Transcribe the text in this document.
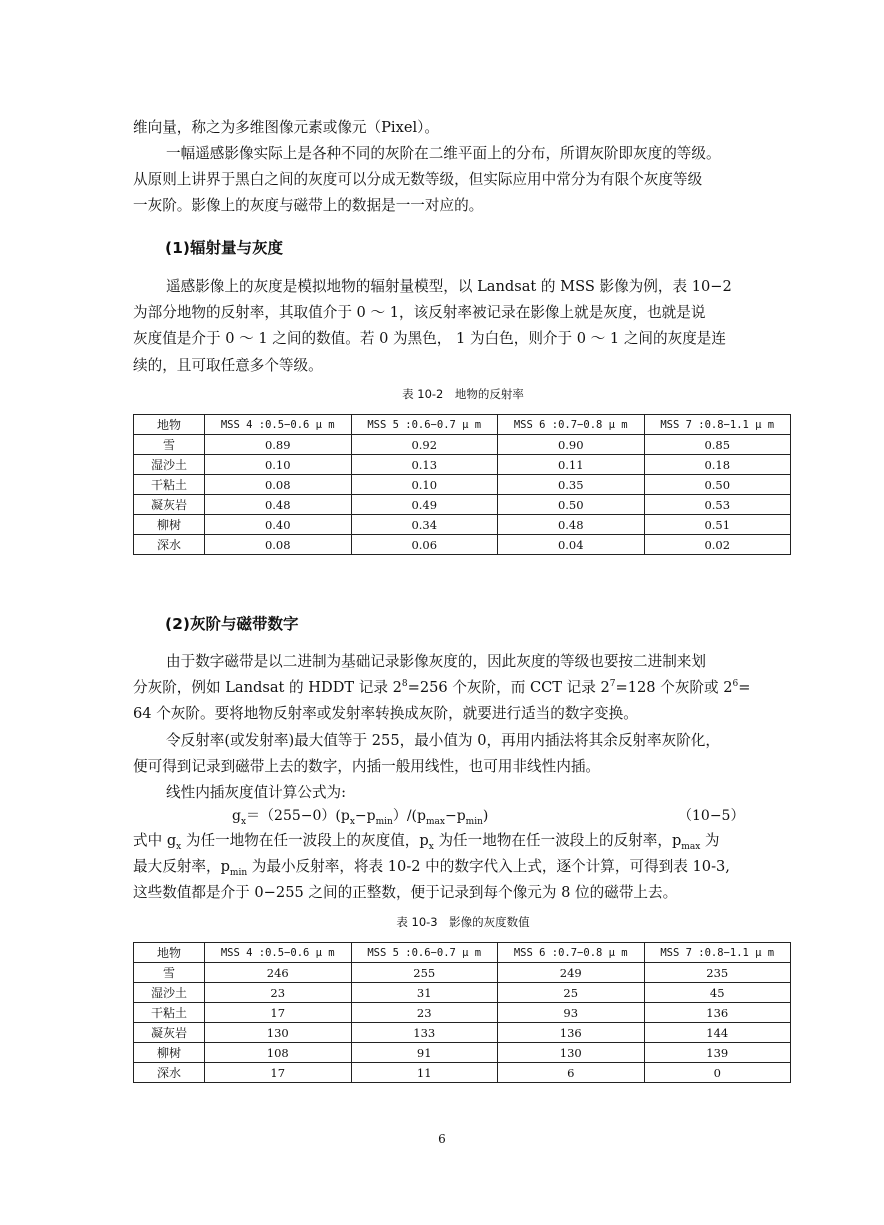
维向量，称之为多维图像元素或像元（Pixel）。

一幅遥感影像实际上是各种不同的灰阶在二维平面上的分布，所谓灰阶即灰度的等级。
从原则上讲界于黑白之间的灰度可以分成无数等级，但实际应用中常分为有限个灰度等级
一灰阶。影像上的灰度与磁带上的数据是一一对应的。

(1)辐射量与灰度

遥感影像上的灰度是模拟地物的辐射量模型，以 Landsat 的 MSS 影像为例，表 10−2
为部分地物的反射率，其取值介于 0 ～ 1，该反射率被记录在影像上就是灰度，也就是说
灰度值是介于 0 ～ 1 之间的数值。若 0 为黑色， 1 为白色，则介于 0 ～ 1 之间的灰度是连
续的，且可取任意多个等级。

表 10-2　地物的反射率

地物	MSS 4 :0.5−0.6 μ m	MSS 5 :0.6−0.7 μ m	MSS 6 :0.7−0.8 μ m	MSS 7 :0.8−1.1 μ m
雪	0.89	0.92	0.90	0.85
湿沙土	0.10	0.13	0.11	0.18
干粘土	0.08	0.10	0.35	0.50
凝灰岩	0.48	0.49	0.50	0.53
柳树	0.40	0.34	0.48	0.51
深水	0.08	0.06	0.04	0.02
(2)灰阶与磁带数字

由于数字磁带是以二进制为基础记录影像灰度的，因此灰度的等级也要按二进制来划
分灰阶，例如 Landsat 的 HDDT 记录 $2^8=256$ 个灰阶，而 CCT 记录 $2^7=128$ 个灰阶或 $2^6=$
64 个灰阶。要将地物反射率或发射率转换成灰阶，就要进行适当的数字变换。

令反射率(或发射率)最大值等于 255，最小值为 0，再用内插法将其余反射率灰阶化，
便可得到记录到磁带上去的数字，内插一般用线性，也可用非线性内插。

线性内插灰度值计算公式为:

$g_x=(255-0)(p_x-p_{min})/(p_{max}-p_{min})$	（10−5）

式中 $g_x$ 为任一地物在任一波段上的灰度值，$p_x$ 为任一地物在任一波段上的反射率，$p_{max}$ 为
最大反射率，$p_{min}$ 为最小反射率，将表 10-2 中的数字代入上式，逐个计算，可得到表 10-3,
这些数值都是介于 0−255 之间的正整数，便于记录到每个像元为 8 位的磁带上去。

表 10-3　影像的灰度数值

地物	MSS 4 :0.5−0.6 μ m	MSS 5 :0.6−0.7 μ m	MSS 6 :0.7−0.8 μ m	MSS 7 :0.8−1.1 μ m
雪	246	255	249	235
湿沙土	23	31	25	45
干粘土	17	23	93	136
凝灰岩	130	133	136	144
柳树	108	91	130	139
深水	17	11	6	0
6
